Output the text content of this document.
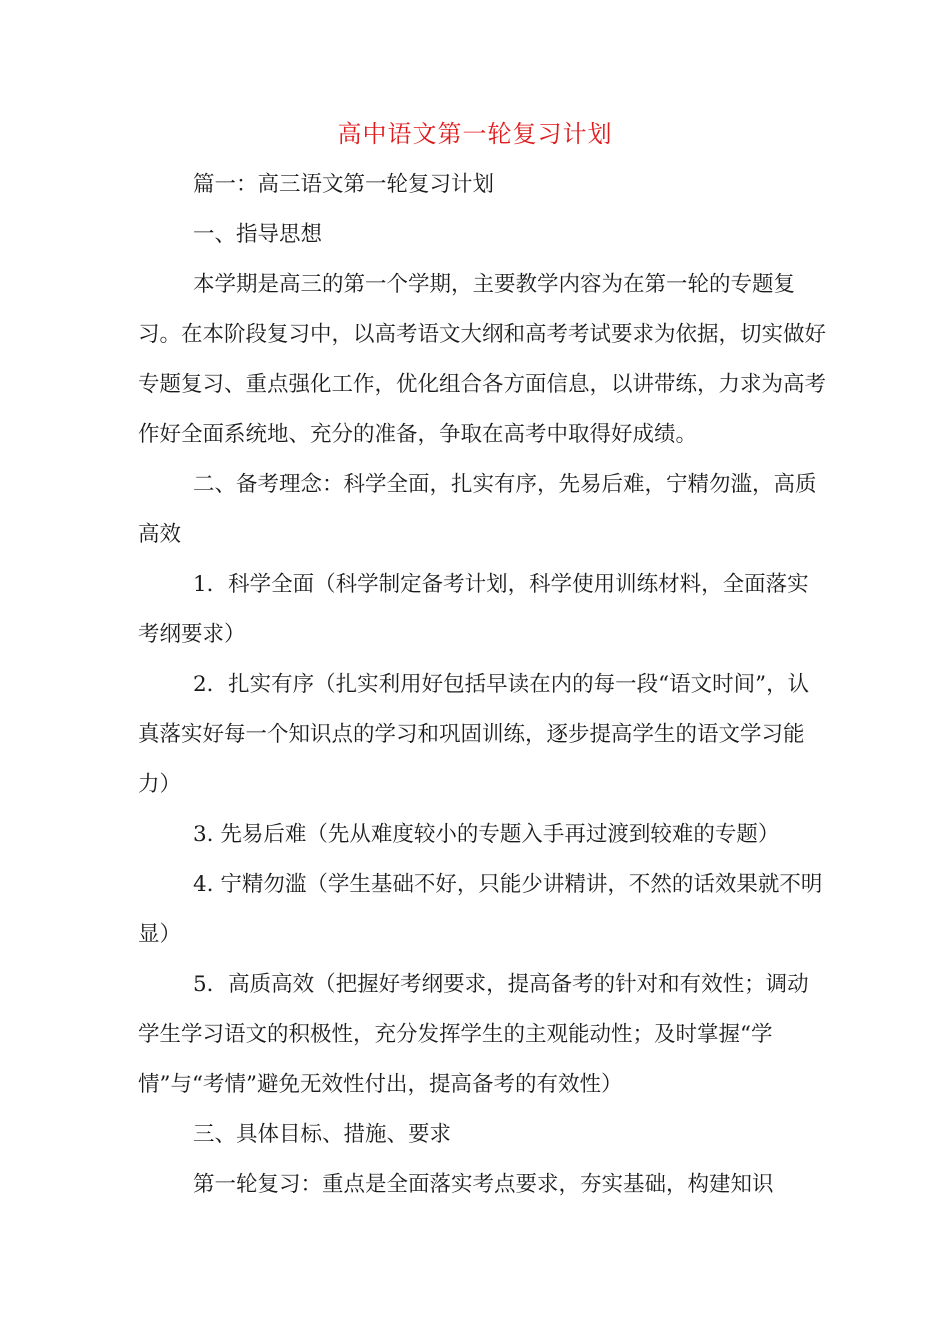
高中语文第一轮复习计划
篇一：高三语文第一轮复习计划
一、指导思想
本学期是高三的第一个学期，主要教学内容为在第一轮的专题复习。在本阶段复习中，以高考语文大纲和高考考试要求为依据，切实做好专题复习、重点强化工作，优化组合各方面信息，以讲带练，力求为高考作好全面系统地、充分的准备，争取在高考中取得好成绩。
二、备考理念：科学全面，扎实有序，先易后难，宁精勿滥，高质高效
1．科学全面（科学制定备考计划，科学使用训练材料，全面落实考纲要求）
2．扎实有序（扎实利用好包括早读在内的每一段“语文时间”，认真落实好每一个知识点的学习和巩固训练，逐步提高学生的语文学习能力）
3. 先易后难（先从难度较小的专题入手再过渡到较难的专题）
4. 宁精勿滥（学生基础不好，只能少讲精讲，不然的话效果就不明显）
5．高质高效（把握好考纲要求，提高备考的针对和有效性；调动学生学习语文的积极性，充分发挥学生的主观能动性；及时掌握“学情”与“考情”避免无效性付出，提高备考的有效性）
三、具体目标、措施、要求
第一轮复习：重点是全面落实考点要求，夯实基础，构建知识
